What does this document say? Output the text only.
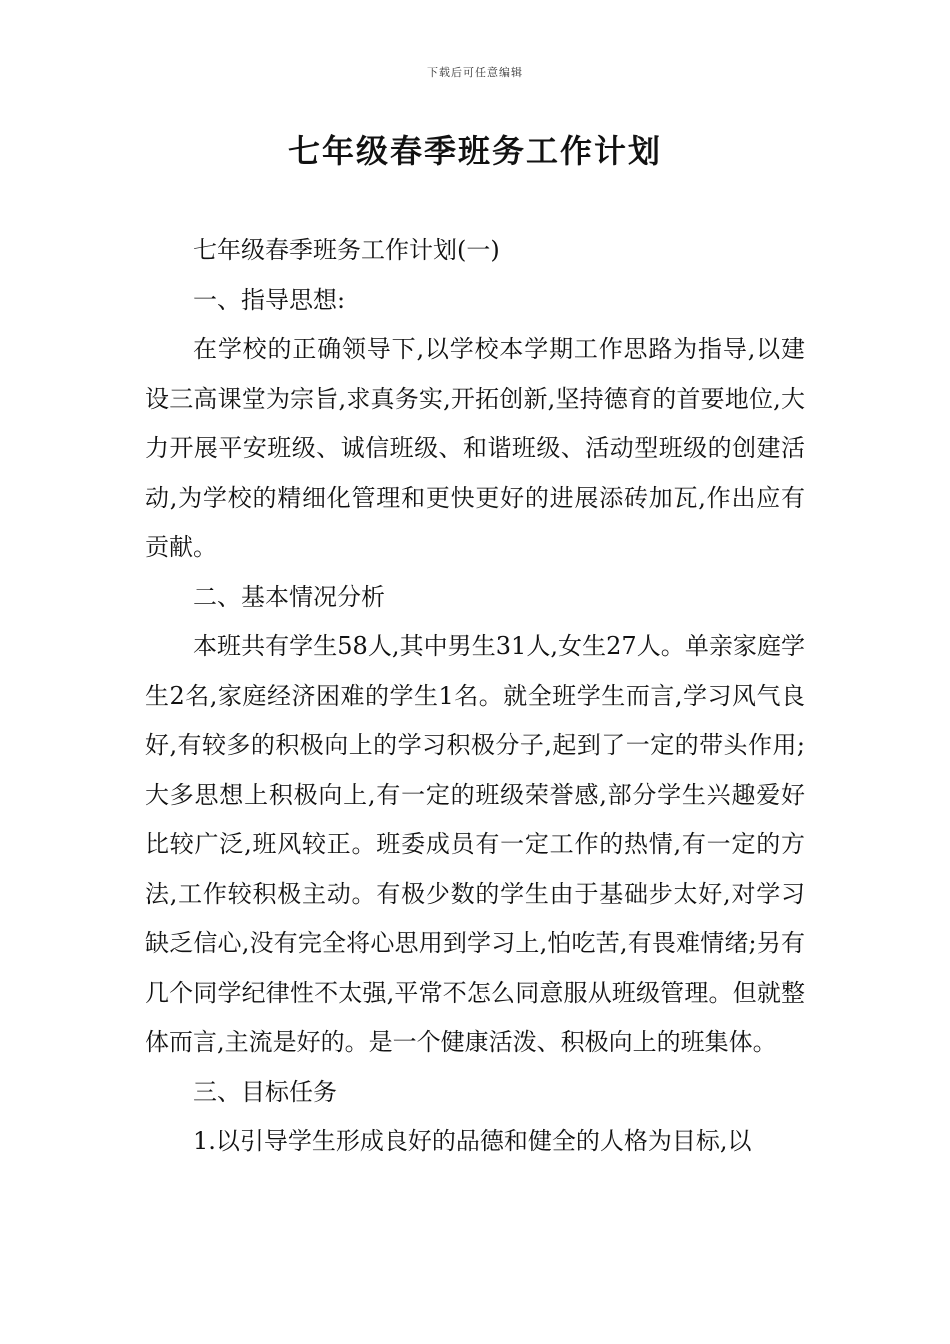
下载后可任意编辑
七年级春季班务工作计划

七年级春季班务工作计划(一)

一、指导思想:

在学校的正确领导下,以学校本学期工作思路为指导,以建设三高课堂为宗旨,求真务实,开拓创新,坚持德育的首要地位,大力开展平安班级、诚信班级、和谐班级、活动型班级的创建活动,为学校的精细化管理和更快更好的进展添砖加瓦,作出应有贡献。

二、基本情况分析

本班共有学生58人,其中男生31人,女生27人。单亲家庭学生2名,家庭经济困难的学生1名。就全班学生而言,学习风气良好,有较多的积极向上的学习积极分子,起到了一定的带头作用;大多思想上积极向上,有一定的班级荣誉感,部分学生兴趣爱好比较广泛,班风较正。班委成员有一定工作的热情,有一定的方法,工作较积极主动。有极少数的学生由于基础步太好,对学习缺乏信心,没有完全将心思用到学习上,怕吃苦,有畏难情绪;另有几个同学纪律性不太强,平常不怎么同意服从班级管理。但就整体而言,主流是好的。是一个健康活泼、积极向上的班集体。

三、目标任务

1.以引导学生形成良好的品德和健全的人格为目标,以
